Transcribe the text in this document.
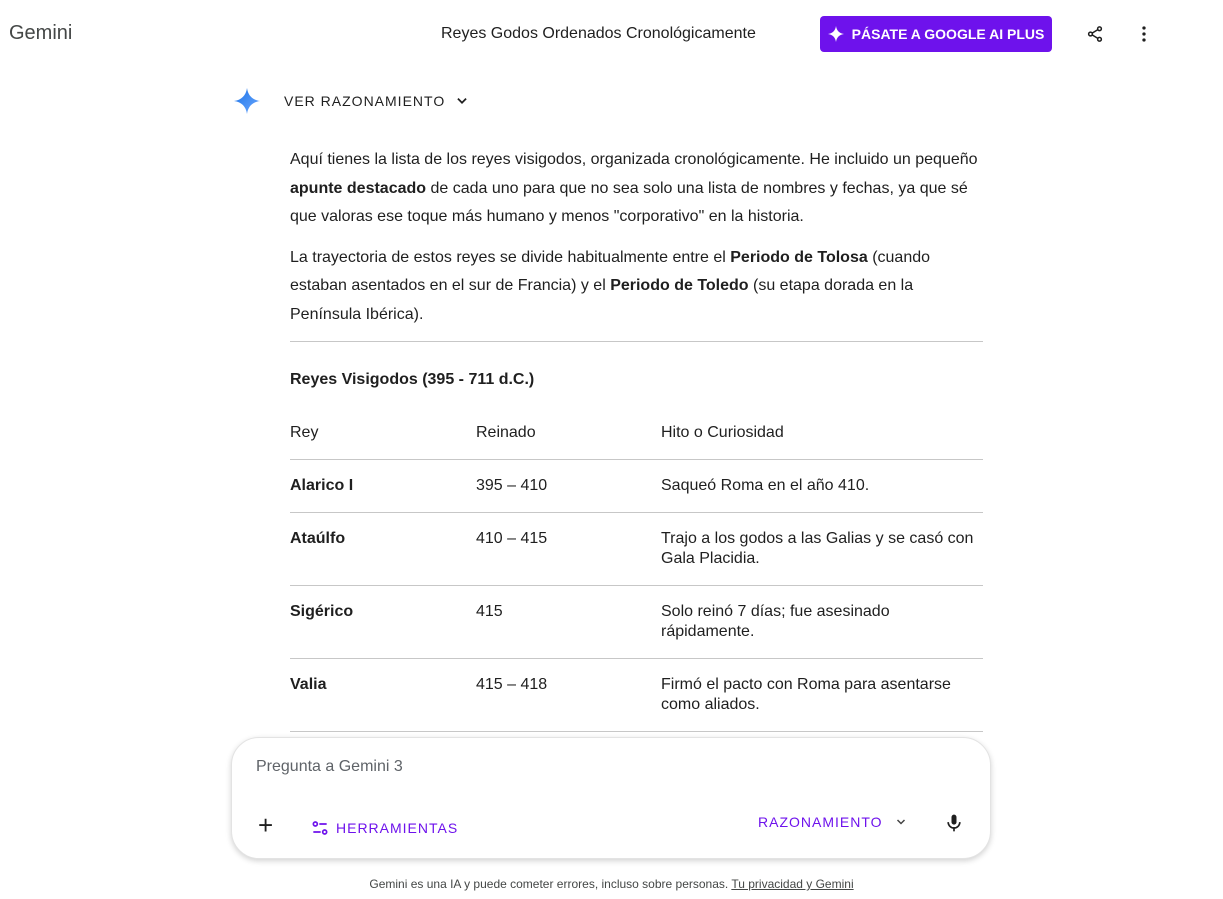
Gemini	Reyes Godos Ordenados Cronológicamente	PÁSATE A GOOGLE AI PLUS
VER RAZONAMIENTO

Aquí tienes la lista de los reyes visigodos, organizada cronológicamente. He incluido un pequeño apunte destacado de cada uno para que no sea solo una lista de nombres y fechas, ya que sé que valoras ese toque más humano y menos "corporativo" en la historia.

La trayectoria de estos reyes se divide habitualmente entre el Periodo de Tolosa (cuando estaban asentados en el sur de Francia) y el Periodo de Toledo (su etapa dorada en la Península Ibérica).

Reyes Visigodos (395 - 711 d.C.)
Rey	Reinado	Hito o Curiosidad
Alarico I	395 – 410	Saqueó Roma en el año 410.
Ataúlfo	410 – 415	Trajo a los godos a las Galias y se casó con Gala Placidia.
Sigérico	415	Solo reinó 7 días; fue asesinado rápidamente.
Valia	415 – 418	Firmó el pacto con Roma para asentarse como aliados.
Pregunta a Gemini 3
+	HERRAMIENTAS	RAZONAMIENTO
Gemini es una IA y puede cometer errores, incluso sobre personas. Tu privacidad y Gemini
